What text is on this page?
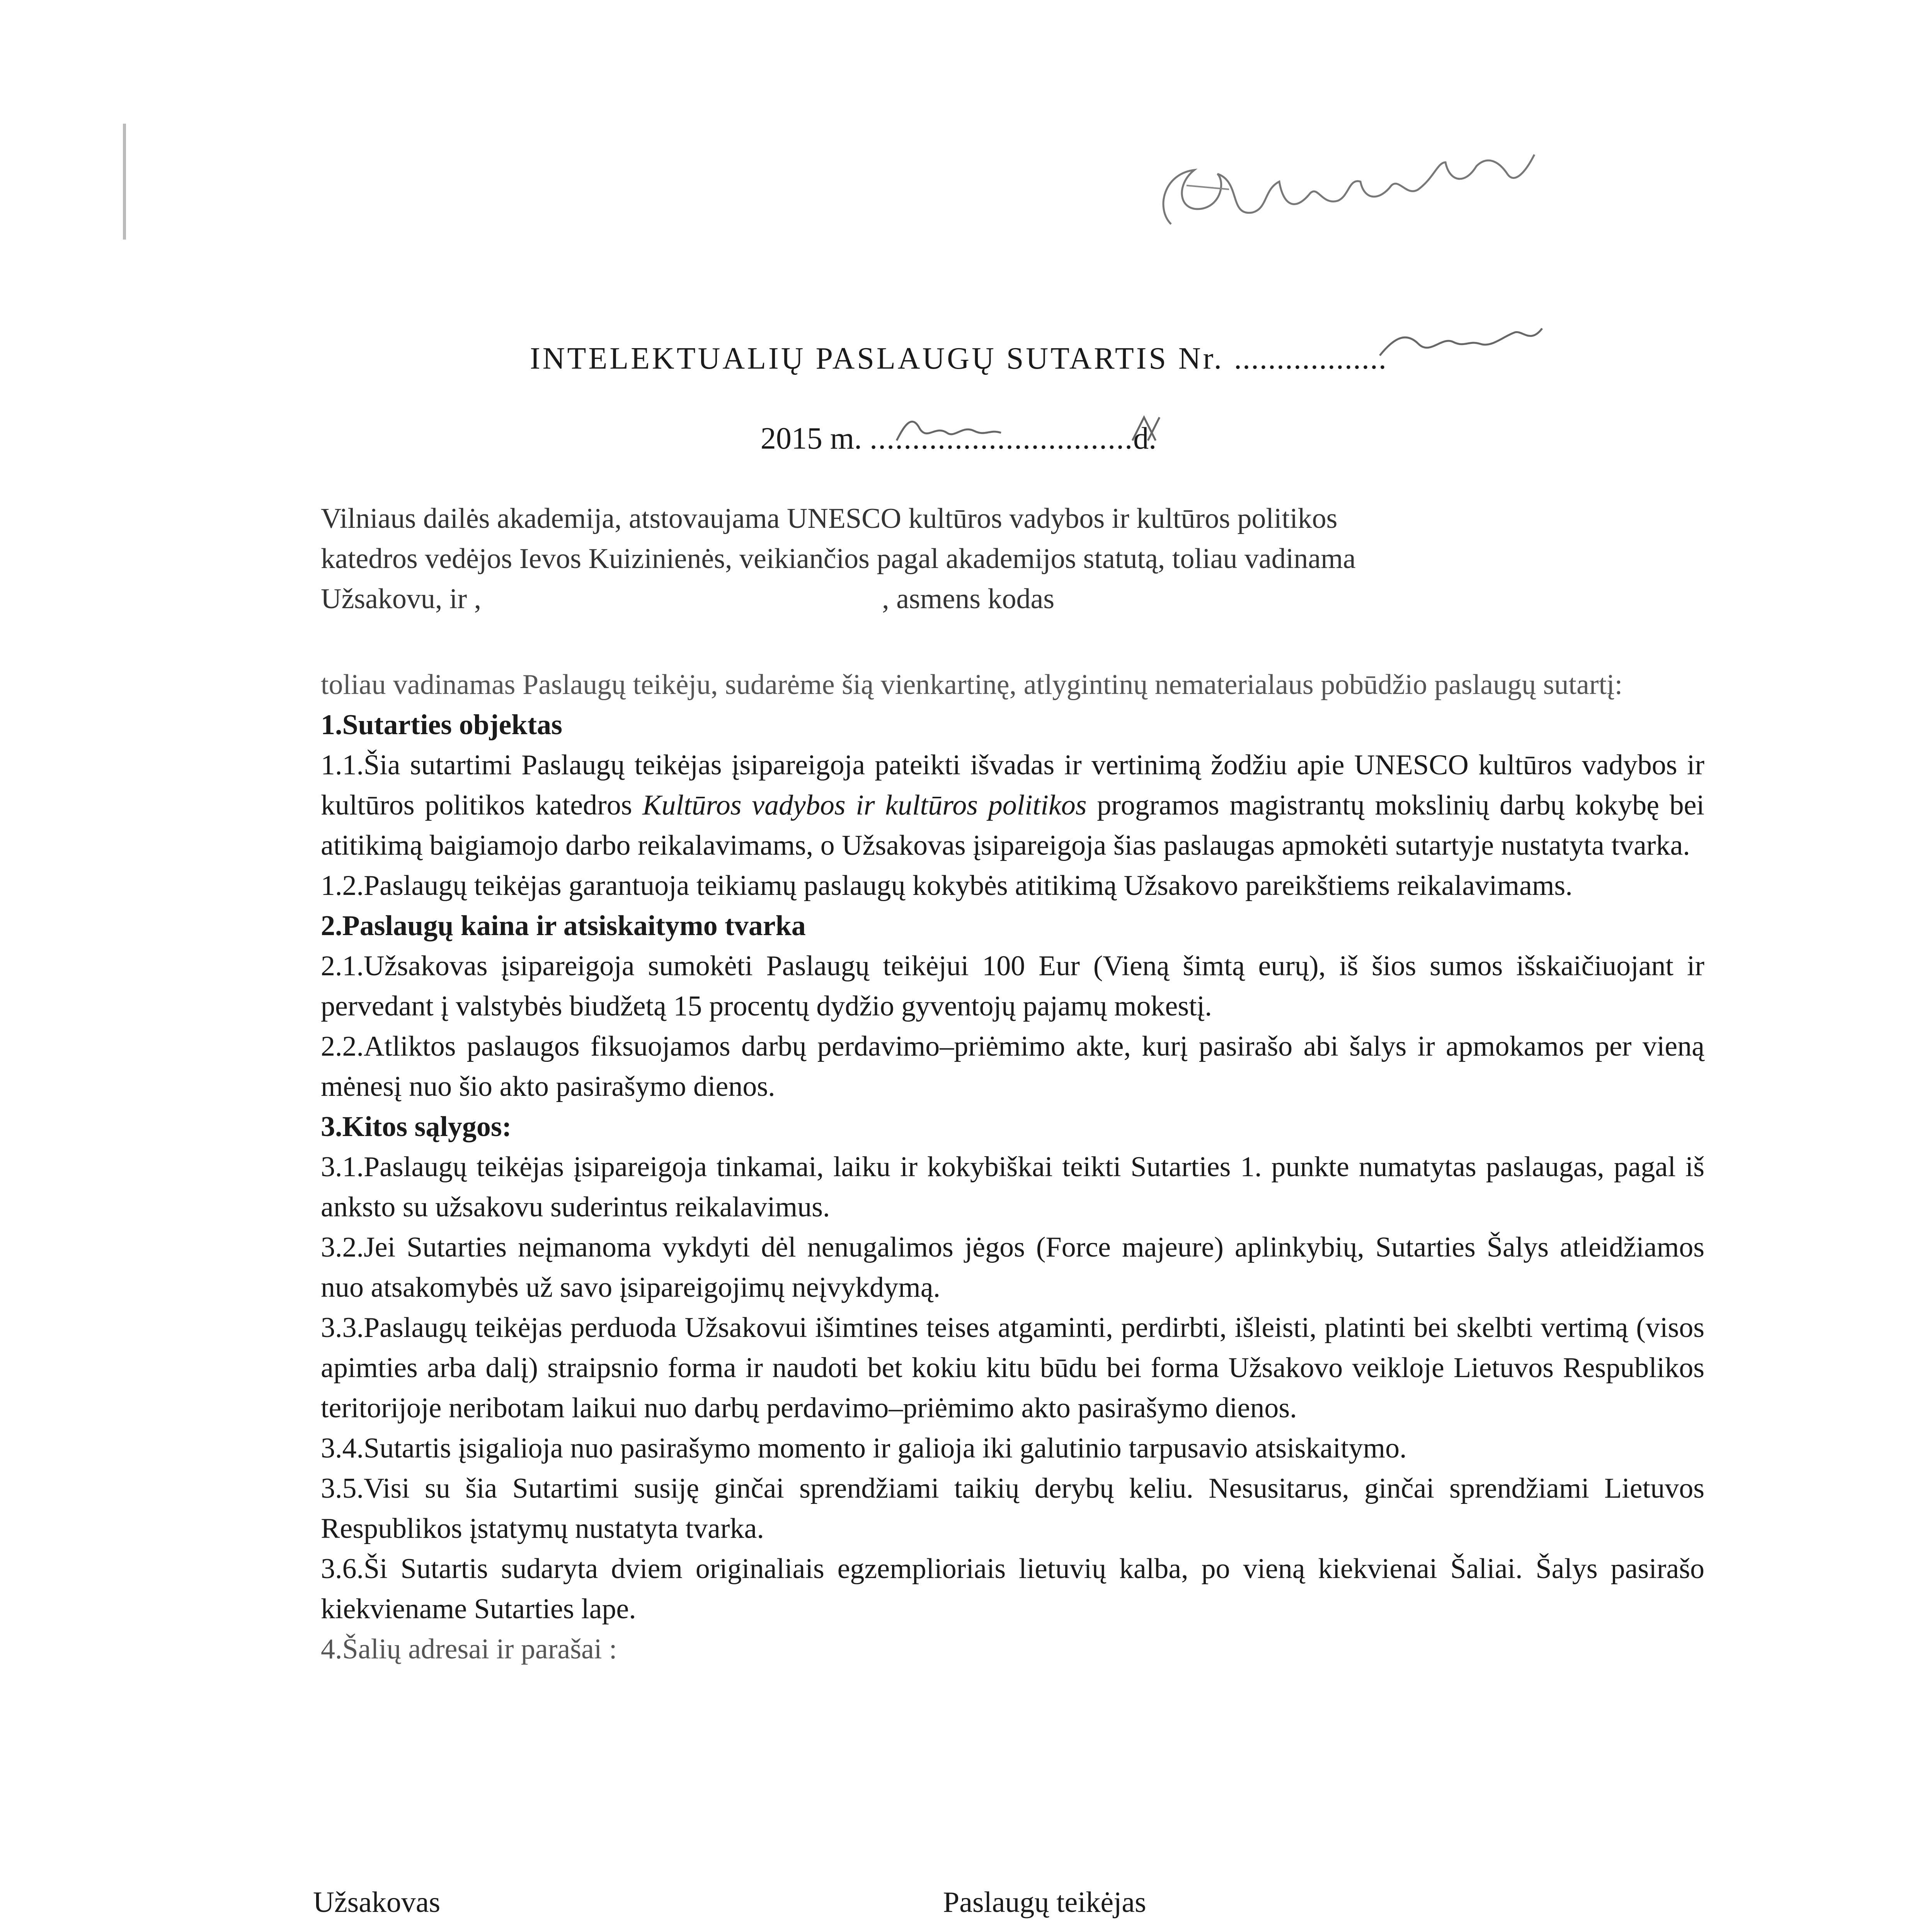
INTELEKTUALIŲ PASLAUGŲ SUTARTIS Nr. ..................
2015 m. ...............................d.

Vilniaus dailės akademija, atstovaujama UNESCO kultūros vadybos ir kultūros politikos

katedros vedėjos Ievos Kuizinienės, veikiančios pagal akademijos statutą, toliau vadinama

Užsakovu, ir ,	, asmens kodas

toliau vadinamas Paslaugų teikėju, sudarėme šią vienkartinę, atlygintinų nematerialaus pobūdžio paslaugų sutartį:

1.Sutarties objektas

1.1.Šia sutartimi Paslaugų teikėjas įsipareigoja pateikti išvadas ir vertinimą žodžiu apie UNESCO kultūros vadybos ir kultūros politikos katedros Kultūros vadybos ir kultūros politikos programos magistrantų mokslinių darbų kokybę bei atitikimą baigiamojo darbo reikalavimams, o Užsakovas įsipareigoja šias paslaugas apmokėti sutartyje nustatyta tvarka.

1.2.Paslaugų teikėjas garantuoja teikiamų paslaugų kokybės atitikimą Užsakovo pareikštiems reikalavimams.

2.Paslaugų kaina ir atsiskaitymo tvarka

2.1.Užsakovas įsipareigoja sumokėti Paslaugų teikėjui 100 Eur (Vieną šimtą eurų), iš šios sumos išskaičiuojant ir pervedant į valstybės biudžetą 15 procentų dydžio gyventojų pajamų mokestį.

2.2.Atliktos paslaugos fiksuojamos darbų perdavimo–priėmimo akte, kurį pasirašo abi šalys ir apmokamos per vieną mėnesį nuo šio akto pasirašymo dienos.

3.Kitos sąlygos:

3.1.Paslaugų teikėjas įsipareigoja tinkamai, laiku ir kokybiškai teikti Sutarties 1. punkte numatytas paslaugas, pagal iš anksto su užsakovu suderintus reikalavimus.

3.2.Jei Sutarties neįmanoma vykdyti dėl nenugalimos jėgos (Force majeure) aplinkybių, Sutarties Šalys atleidžiamos nuo atsakomybės už savo įsipareigojimų neįvykdymą.

3.3.Paslaugų teikėjas perduoda Užsakovui išimtines teises atgaminti, perdirbti, išleisti, platinti bei skelbti vertimą (visos apimties arba dalį) straipsnio forma ir naudoti bet kokiu kitu būdu bei forma Užsakovo veikloje Lietuvos Respublikos teritorijoje neribotam laikui nuo darbų perdavimo–priėmimo akto pasirašymo dienos.

3.4.Sutartis įsigalioja nuo pasirašymo momento ir galioja iki galutinio tarpusavio atsiskaitymo.

3.5.Visi su šia Sutartimi susiję ginčai sprendžiami taikių derybų keliu. Nesusitarus, ginčai sprendžiami Lietuvos Respublikos įstatymų nustatyta tvarka.

3.6.Ši Sutartis sudaryta dviem originaliais egzemplioriais lietuvių kalba, po vieną kiekvienai Šaliai. Šalys pasirašo kiekviename Sutarties lape.

4.Šalių adresai ir parašai :

Užsakovas	Paslaugų teikėjas
